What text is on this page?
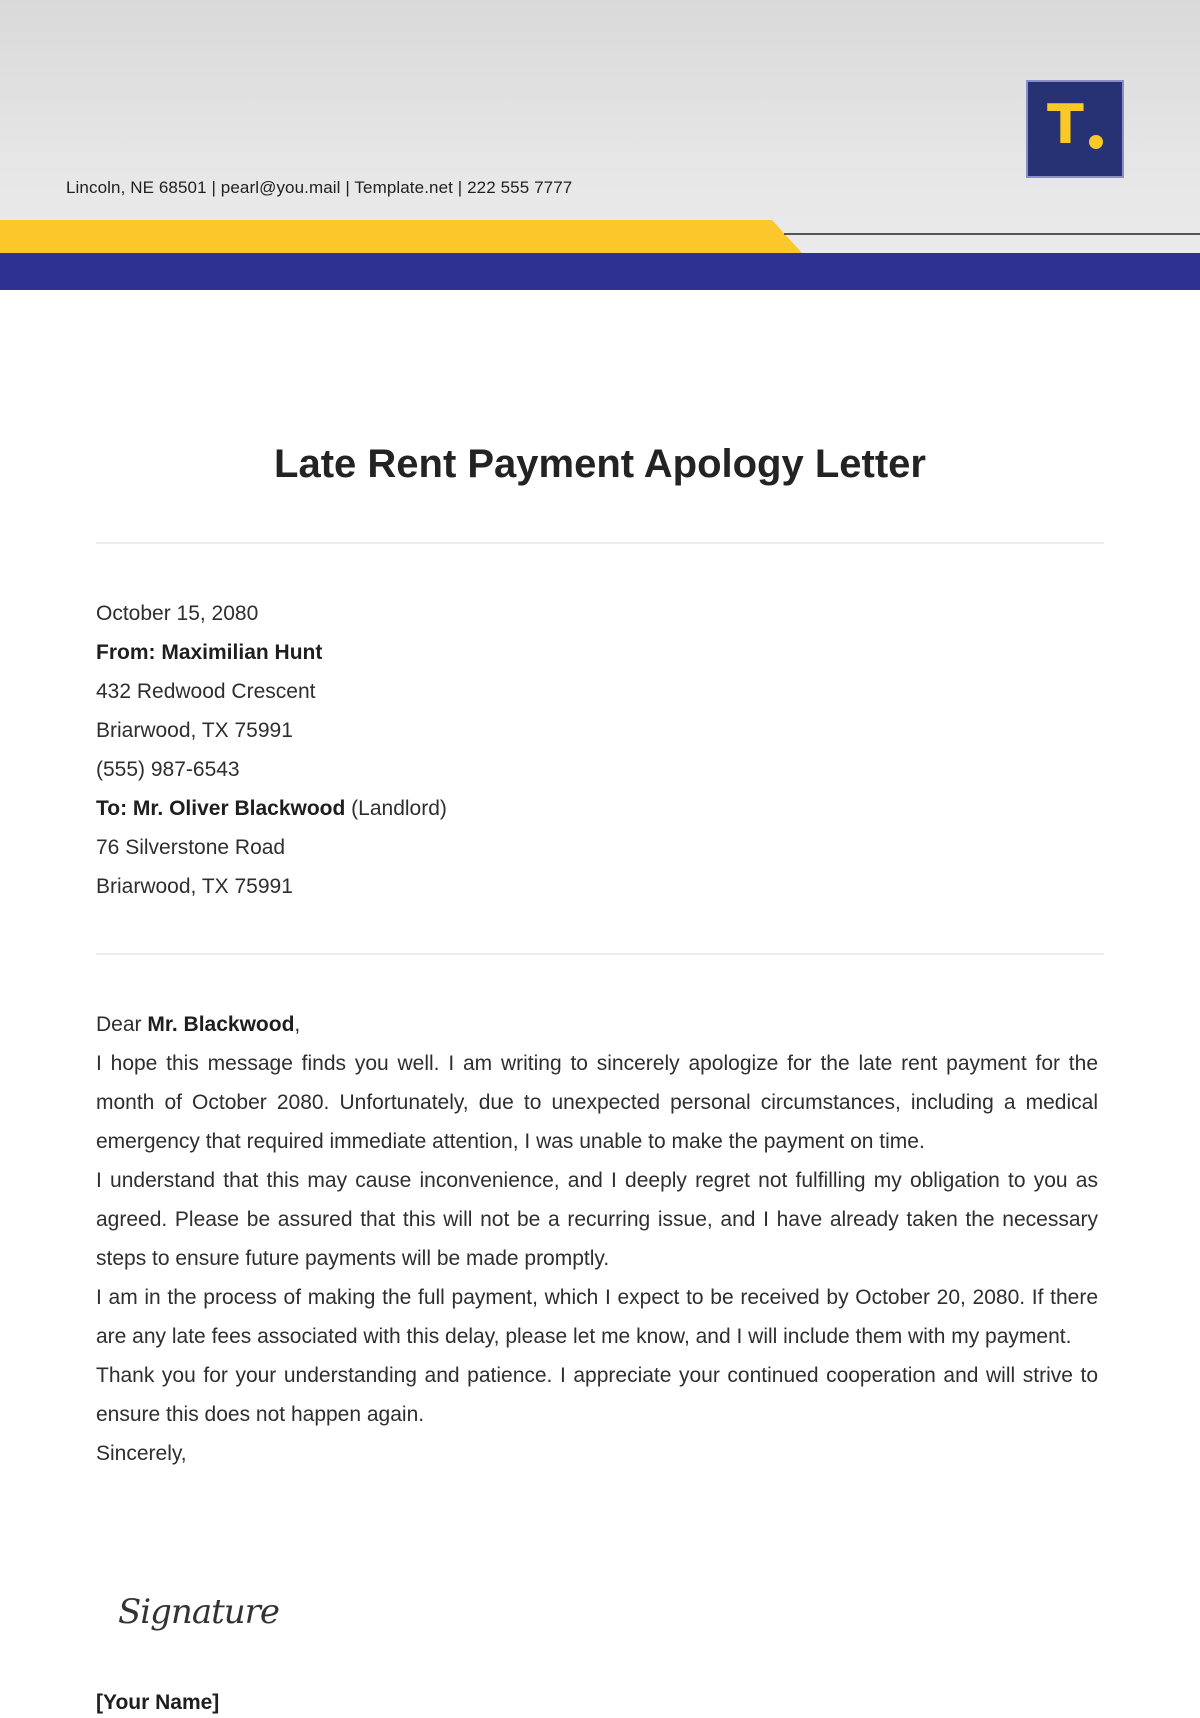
Lincoln, NE 68501 | pearl@you.mail | Template.net | 222 555 7777
T
Late Rent Payment Apology Letter
October 15, 2080
From: Maximilian Hunt
432 Redwood Crescent
Briarwood, TX 75991
(555) 987-6543
To: Mr. Oliver Blackwood (Landlord)
76 Silverstone Road
Briarwood, TX 75991

Dear Mr. Blackwood,

I hope this message finds you well. I am writing to sincerely apologize for the late rent payment for the month of October 2080. Unfortunately, due to unexpected personal circumstances, including a medical emergency that required immediate attention, I was unable to make the payment on time.

I understand that this may cause inconvenience, and I deeply regret not fulfilling my obligation to you as agreed. Please be assured that this will not be a recurring issue, and I have already taken the necessary steps to ensure future payments will be made promptly.

I am in the process of making the full payment, which I expect to be received by October 20, 2080. If there are any late fees associated with this delay, please let me know, and I will include them with my payment.

Thank you for your understanding and patience. I appreciate your continued cooperation and will strive to ensure this does not happen again.

Sincerely,

Signature
[Your Name]
